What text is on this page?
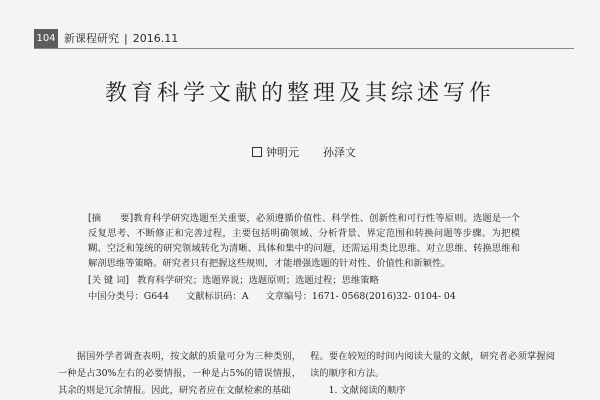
104 新课程研究 | 2016.11
教育科学文献的整理及其综述写作
钟明元 孙泽文
[摘　　要]教育科学研究选题至关重要，必须遵循价值性、科学性、创新性和可行性等原则。选题是一个反复思考、不断修正和完善过程，主要包括明确领域、分析背景、界定范围和转换问题等步骤。为把模糊、空泛和笼统的研究领域转化为清晰、具体和集中的问题，还需运用类比思维、对立思维、转换思维和解剖思维等策略。研究者只有把握这些规则，才能增强选题的针对性、价值性和新颖性。
[关 键 词] 教育科学研究；选题界说；选题原则；选题过程；思维策略
中国分类号：G644 文献标识码：A 文章编号：1671- 0568(2016)32- 0104- 04

据国外学者调查表明，按文献的质量可分为三种类别，一种是占30%左右的必要情报，一种是占5%的错误情报，其余的则是冗余情报。因此，研究者应在文献检索的基础

程。要在较短的时间内阅读大量的文献，研究者必须掌握阅读的顺序和方法。

1. 文献阅读的顺序
